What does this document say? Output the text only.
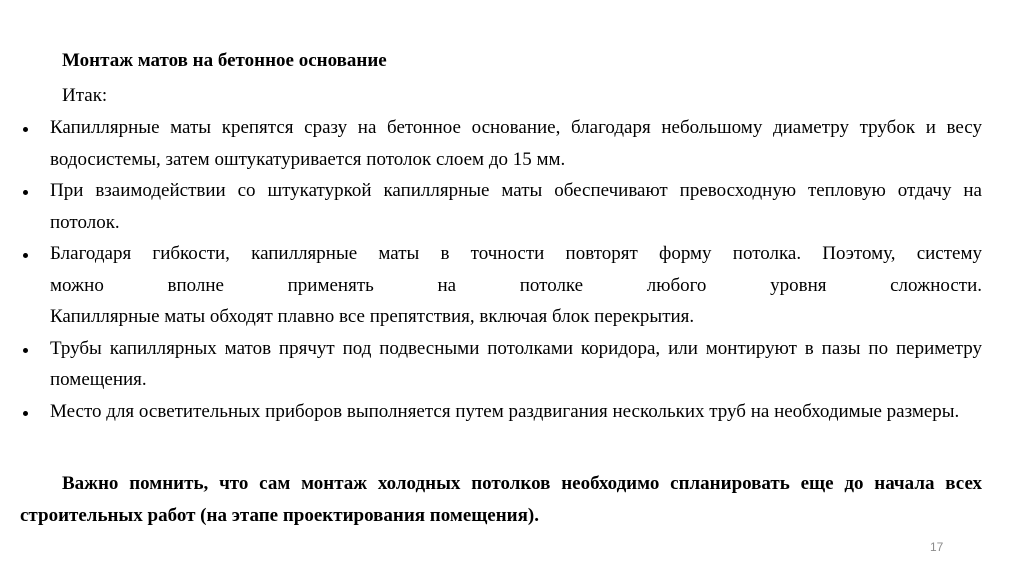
Монтаж матов на бетонное основание
Итак:
Капиллярные маты крепятся сразу на бетонное основание, благодаря небольшому диаметру трубок и весу водосистемы, затем оштукатуривается потолок слоем до 15 мм.
При взаимодействии со штукатуркой капиллярные маты обеспечивают превосходную тепловую отдачу на потолок.
Благодаря гибкости, капиллярные маты в точности повторят форму потолка. Поэтому, систему
можно вполне применять на потолке любого уровня сложности.
Капиллярные маты обходят плавно все препятствия, включая блок перекрытия.
Трубы капиллярных матов прячут под подвесными потолками коридора, или монтируют в пазы по периметру помещения.
Место для осветительных приборов выполняется путем раздвигания нескольких труб на необходимые размеры.
Важно помнить, что сам монтаж холодных потолков необходимо спланировать еще до начала всех строительных работ (на этапе проектирования помещения).
17
